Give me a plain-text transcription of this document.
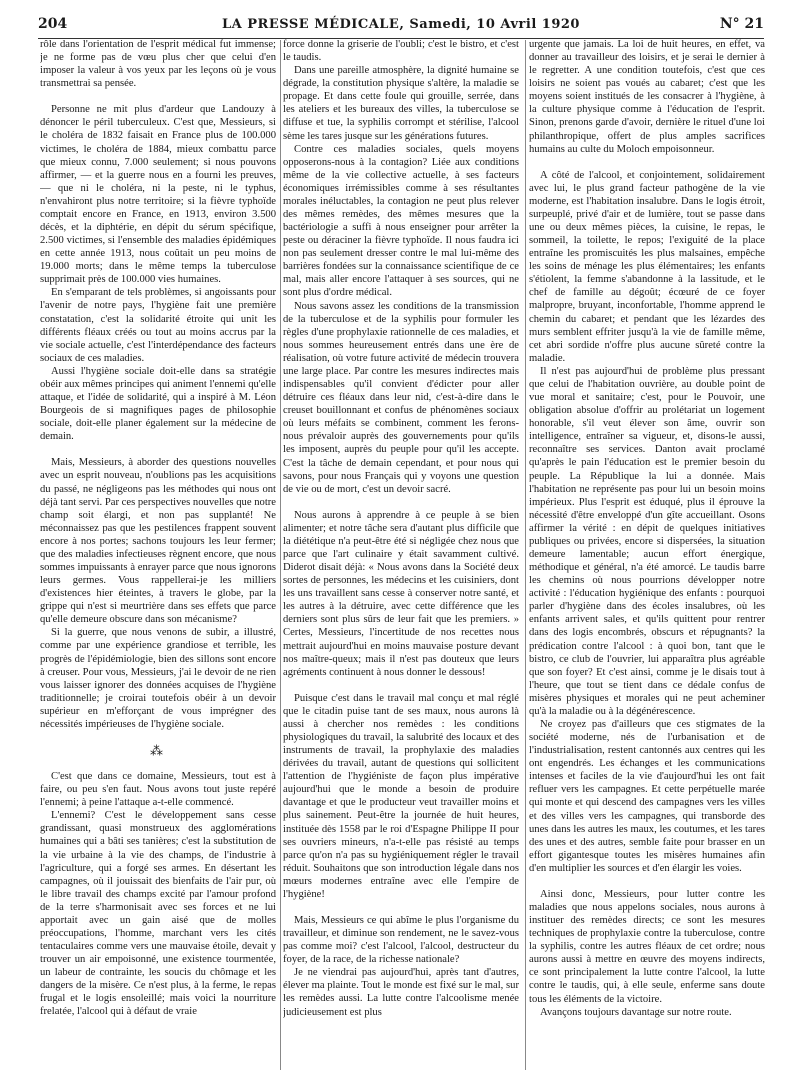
204	LA PRESSE MÉDICALE, Samedi, 10 Avril 1920	N° 21

rôle dans l'orientation de l'esprit médical fut immense; je ne forme pas de vœu plus cher que celui d'en imposer la valeur à vos yeux par les leçons où je vous transmettrai sa pensée.

Personne ne mit plus d'ardeur que Landouzy à dénoncer le péril tuberculeux. C'est que, Messieurs, si le choléra de 1832 faisait en France plus de 100.000 victimes, le choléra de 1884, mieux combattu parce que mieux connu, 7.000 seulement; si nous pouvons affirmer, — et la guerre nous en a fourni les preuves, — que ni le choléra, ni la peste, ni le typhus, n'envahiront plus notre territoire; si la fièvre typhoïde comptait encore en France, en 1913, environ 3.500 décès, et la diphtérie, en dépit du sérum spécifique, 2.500 victimes, si l'ensemble des maladies épidémiques en cette année 1913, nous coûtait un peu moins de 19.000 morts; dans le même temps la tuberculose supprimait près de 100.000 vies humaines.

En s'emparant de tels problèmes, si angoissants pour l'avenir de notre pays, l'hygiène fait une première constatation, c'est la solidarité étroite qui unit les différents fléaux créés ou tout au moins accrus par la vie sociale actuelle, c'est l'interdépendance des facteurs sociaux de ces maladies.

Aussi l'hygiène sociale doit-elle dans sa stratégie obéir aux mêmes principes qui animent l'ennemi qu'elle attaque, et l'idée de solidarité, qui a inspiré à M. Léon Bourgeois de si magnifiques pages de philosophie sociale, doit-elle planer également sur la médecine de demain.

Mais, Messieurs, à aborder des questions nouvelles avec un esprit nouveau, n'oublions pas les acquisitions du passé, ne négligeons pas les méthodes qui nous ont déjà tant servi. Par ces perspectives nouvelles que notre champ soit élargi, et non pas supplanté! Ne méconnaissez pas que les pestilences frappent souvent encore à nos portes; sachons toujours les leur fermer; que des maladies infectieuses règnent encore, que nous sommes impuissants à enrayer parce que nous ignorons leurs germes. Vous rappellerai-je les milliers d'existences hier éteintes, à travers le globe, par la grippe qui n'est si meurtrière dans ses effets que parce qu'elle demeure obscure dans son mécanisme?

Si la guerre, que nous venons de subir, a illustré, comme par une expérience grandiose et terrible, les progrès de l'épidémiologie, bien des sillons sont encore à creuser. Pour vous, Messieurs, j'ai le devoir de ne rien vous laisser ignorer des données acquises de l'hygiène traditionnelle; je croirai toutefois obéir à un devoir supérieur en m'efforçant de vous imprégner des nécessités impérieuses de l'hygiène sociale.

⁂

C'est que dans ce domaine, Messieurs, tout est à faire, ou peu s'en faut. Nous avons tout juste repéré l'ennemi; à peine l'attaque a-t-elle commencé.

L'ennemi? C'est le développement sans cesse grandissant, quasi monstrueux des agglomérations humaines qui a bâti ses tanières; c'est la substitution de la vie urbaine à la vie des champs, de l'industrie à l'agriculture, qui a forgé ses armes. En désertant les campagnes, où il jouissait des bienfaits de l'air pur, où le libre travail des champs excité par l'amour profond de la terre s'harmonisait avec ses forces et ne lui apportait avec un gain aisé que de molles préoccupations, l'homme, marchant vers les cités tentaculaires comme vers une mauvaise étoile, devait y trouver un air empoisonné, une existence tourmentée, un labeur de contrainte, les soucis du chômage et les dangers de la misère. Ce n'est plus, à la ferme, le repas frugal et le logis ensoleillé; mais voici la nourriture frelatée, l'alcool qui à défaut de vraie

force donne la griserie de l'oubli; c'est le bistro, et c'est le taudis.

Dans une pareille atmosphère, la dignité humaine se dégrade, la constitution physique s'altère, la maladie se propage. Et dans cette foule qui grouille, serrée, dans les ateliers et les bureaux des villes, la tuberculose se diffuse et tue, la syphilis corrompt et stérilise, l'alcool sème les tares jusque sur les générations futures.

Contre ces maladies sociales, quels moyens opposerons-nous à la contagion? Liée aux conditions même de la vie collective actuelle, à ses facteurs économiques irrémissibles comme à ses résultantes morales inéluctables, la contagion ne peut plus relever des mêmes remèdes, des mêmes mesures que la bactériologie a suffi à nous enseigner pour arrêter la peste ou déraciner la fièvre typhoïde. Il nous faudra ici non pas seulement dresser contre le mal lui-même des barrières fondées sur la connaissance scientifique de ce mal, mais aller encore l'attaquer à ses sources, qui ne sont plus d'ordre médical.

Nous savons assez les conditions de la transmission de la tuberculose et de la syphilis pour formuler les règles d'une prophylaxie rationnelle de ces maladies, et nous sommes heureusement entrés dans une ère de réalisation, où votre future activité de médecin trouvera une large place. Par contre les mesures indirectes mais indispensables qu'il convient d'édicter pour aller détruire ces fléaux dans leur nid, c'est-à-dire dans le creuset bouillonnant et confus de phénomènes sociaux où leurs méfaits se combinent, comment les ferons-nous prévaloir auprès des gouvernements pour qu'ils les imposent, auprès du peuple pour qu'il les accepte. C'est la tâche de demain cependant, et pour nous qui savons, pour nous Français qui y voyons une question de vie ou de mort, c'est un devoir sacré.

Nous aurons à apprendre à ce peuple à se bien alimenter; et notre tâche sera d'autant plus difficile que la diététique n'a peut-être été si négligée chez nous que parce que l'art culinaire y était savamment cultivé. Diderot disait déjà: « Nous avons dans la Société deux sortes de personnes, les médecins et les cuisiniers, dont les uns travaillent sans cesse à conserver notre santé, et les autres à la détruire, avec cette différence que les derniers sont plus sûrs de leur fait que les premiers. » Certes, Messieurs, l'incertitude de nos recettes nous mettrait aujourd'hui en moins mauvaise posture devant nos maître-queux; mais il n'est pas douteux que leurs agréments continuent à nous donner le dessous!

Puisque c'est dans le travail mal conçu et mal réglé que le citadin puise tant de ses maux, nous aurons là aussi à chercher nos remèdes : les conditions physiologiques du travail, la salubrité des locaux et des instruments de travail, la prophylaxie des maladies dérivées du travail, autant de questions qui sollicitent l'attention de l'hygiéniste de façon plus impérative aujourd'hui que le monde a besoin de produire davantage et que le producteur veut travailler moins et plus sainement. Peut-être la journée de huit heures, instituée dès 1558 par le roi d'Espagne Philippe II pour ses ouvriers mineurs, n'a-t-elle pas résisté au temps parce qu'on n'a pas su hygiéniquement régler le travail réduit. Souhaitons que son introduction légale dans nos mœurs modernes entraîne avec elle l'empire de l'hygiène!

Mais, Messieurs ce qui abîme le plus l'organisme du travailleur, et diminue son rendement, ne le savez-vous pas comme moi? c'est l'alcool, l'alcool, destructeur du foyer, de la race, de la richesse nationale?

Je ne viendrai pas aujourd'hui, après tant d'autres, élever ma plainte. Tout le monde est fixé sur le mal, sur les remèdes aussi. La lutte contre l'alcoolisme menée judicieusement est plus

urgente que jamais. La loi de huit heures, en effet, va donner au travailleur des loisirs, et je serai le dernier à le regretter. A une condition toutefois, c'est que ces loisirs ne soient pas voués au cabaret; c'est que les moyens soient institués de les consacrer à l'hygiène, à la culture physique comme à l'éducation de l'esprit. Sinon, prenons garde d'avoir, dernière le rituel d'une loi philanthropique, offert de plus amples sacrifices humains au culte du Moloch empoisonneur.

A côté de l'alcool, et conjointement, solidairement avec lui, le plus grand facteur pathogène de la vie moderne, est l'habitation insalubre. Dans le logis étroit, surpeuplé, privé d'air et de lumière, tout se passe dans une ou deux mêmes pièces, la cuisine, le repas, le sommeil, la toilette, le repos; l'exiguité de la place entraîne les promiscuités les plus malsaines, empêche les soins de ménage les plus élémentaires; les enfants s'étiolent, la femme s'abandonne à la lassitude, et le chef de famille au dégoût; écœuré de ce foyer malpropre, bruyant, inconfortable, l'homme apprend le chemin du cabaret; et pendant que les lézardes des murs semblent effriter jusqu'à la vie de famille même, cet abri sordide n'offre plus aucune sûreté contre la maladie.

Il n'est pas aujourd'hui de problème plus pressant que celui de l'habitation ouvrière, au double point de vue moral et sanitaire; c'est, pour le Pouvoir, une obligation absolue d'offrir au prolétariat un logement honorable, s'il veut élever son âme, ouvrir son intelligence, entraîner sa vigueur, et, disons-le aussi, reconnaître ses services. Danton avait proclamé qu'après le pain l'éducation est le premier besoin du peuple. La République la lui a donnée. Mais l'habitation ne représente pas pour lui un besoin moins impérieux. Plus l'esprit est éduqué, plus il éprouve la nécessité d'être enveloppé d'un gîte accueillant. Osons affirmer la vérité : en dépit de quelques initiatives publiques ou privées, encore si dispersées, la situation demeure lamentable; aucun effort énergique, méthodique et général, n'a été amorcé. Le taudis barre les chemins où nous pourrions développer notre activité : l'éducation hygiénique des enfants : pourquoi parler d'hygiène dans des écoles insalubres, où les enfants arrivent sales, et qu'ils quittent pour rentrer dans des logis encombrés, obscurs et répugnants? la prédication contre l'alcool : à quoi bon, tant que le bistro, ce club de l'ouvrier, lui apparaîtra plus agréable que son foyer? Et c'est ainsi, comme je le disais tout à l'heure, que tout se tient dans ce dédale confus de misères physiques et morales qui ne peut acheminer qu'à la maladie ou à la dégénérescence.

Ne croyez pas d'ailleurs que ces stigmates de la société moderne, nés de l'urbanisation et de l'industrialisation, restent cantonnés aux centres qui les ont engendrés. Les échanges et les communications intenses et faciles de la vie d'aujourd'hui les ont fait refluer vers les campagnes. Et cette perpétuelle marée qui monte et qui descend des campagnes vers les villes et des villes vers les campagnes, qui transborde des unes dans les autres les maux, les coutumes, et les tares des unes et des autres, semble faite pour brasser en un effort gigantesque toutes les misères humaines afin d'en multiplier les sources et d'en élargir les voies.

Ainsi donc, Messieurs, pour lutter contre les maladies que nous appelons sociales, nous aurons à instituer des remèdes directs; ce sont les mesures techniques de prophylaxie contre la tuberculose, contre la syphilis, contre les autres fléaux de cet ordre; nous aurons aussi à mettre en œuvre des moyens indirects, ce sont principalement la lutte contre l'alcool, la lutte contre le taudis, qui, à elle seule, enferme sans doute tous les éléments de la victoire.

Avançons toujours davantage sur notre route.
